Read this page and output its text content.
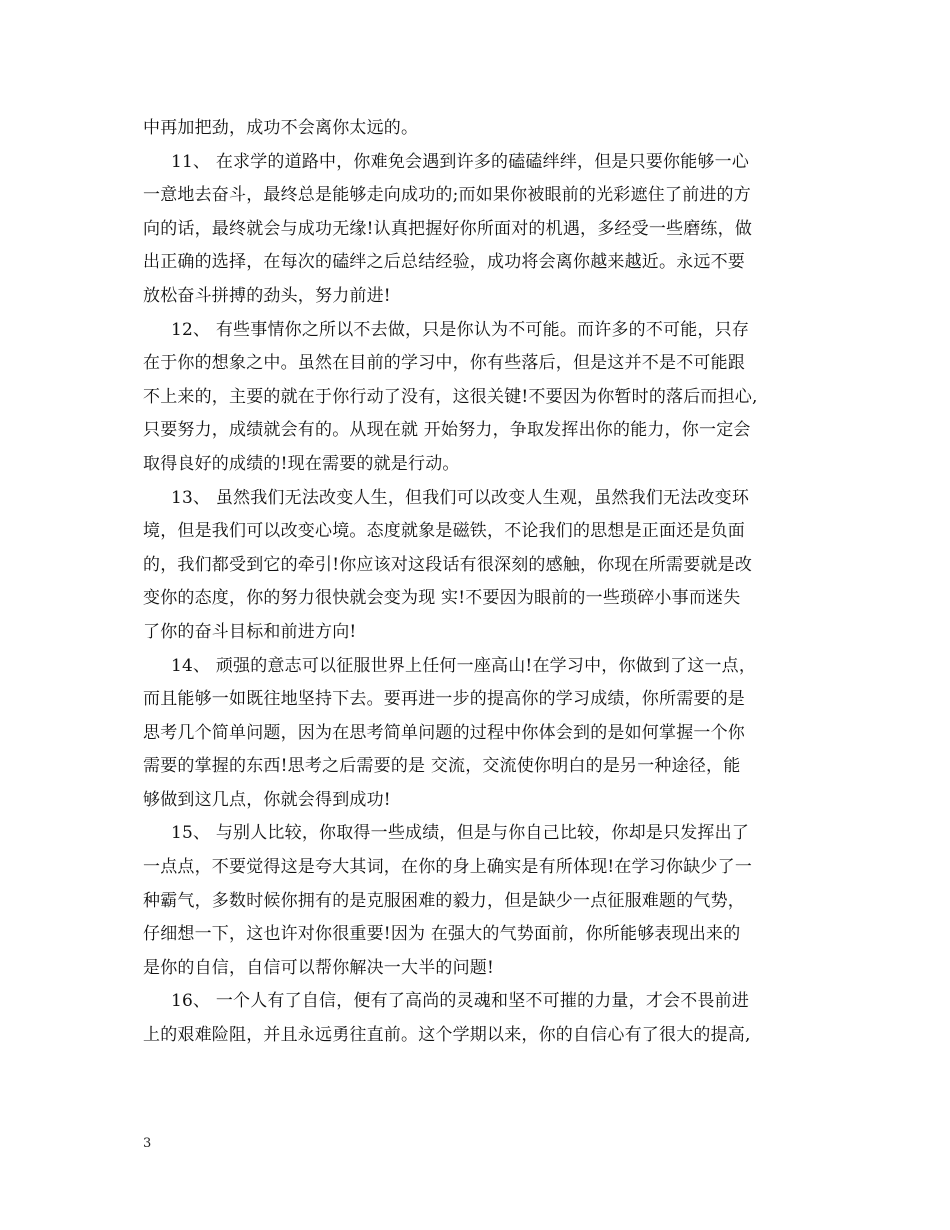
中再加把劲，成功不会离你太远的。
11、 在求学的道路中，你难免会遇到许多的磕磕绊绊，但是只要你能够一心
一意地去奋斗，最终总是能够走向成功的;而如果你被眼前的光彩遮住了前进的方
向的话，最终就会与成功无缘!认真把握好你所面对的机遇，多经受一些磨练，做
出正确的选择，在每次的磕绊之后总结经验，成功将会离你越来越近。永远不要
放松奋斗拼搏的劲头，努力前进!
12、 有些事情你之所以不去做，只是你认为不可能。而许多的不可能，只存
在于你的想象之中。虽然在目前的学习中，你有些落后，但是这并不是不可能跟
不上来的，主要的就在于你行动了没有，这很关键!不要因为你暂时的落后而担心,
只要努力，成绩就会有的。从现在就 开始努力，争取发挥出你的能力，你一定会
取得良好的成绩的!现在需要的就是行动。
13、 虽然我们无法改变人生，但我们可以改变人生观，虽然我们无法改变环
境，但是我们可以改变心境。态度就象是磁铁，不论我们的思想是正面还是负面
的，我们都受到它的牵引!你应该对这段话有很深刻的感触，你现在所需要就是改
变你的态度，你的努力很快就会变为现 实!不要因为眼前的一些琐碎小事而迷失
了你的奋斗目标和前进方向!
14、 顽强的意志可以征服世界上任何一座高山!在学习中，你做到了这一点，
而且能够一如既往地坚持下去。要再进一步的提高你的学习成绩，你所需要的是
思考几个简单问题，因为在思考简单问题的过程中你体会到的是如何掌握一个你
需要的掌握的东西!思考之后需要的是 交流，交流使你明白的是另一种途径，能
够做到这几点，你就会得到成功!
15、 与别人比较，你取得一些成绩，但是与你自己比较，你却是只发挥出了
一点点，不要觉得这是夸大其词，在你的身上确实是有所体现!在学习你缺少了一
种霸气，多数时候你拥有的是克服困难的毅力，但是缺少一点征服难题的气势，
仔细想一下，这也许对你很重要!因为 在强大的气势面前，你所能够表现出来的
是你的自信，自信可以帮你解决一大半的问题!
16、 一个人有了自信，便有了高尚的灵魂和坚不可摧的力量，才会不畏前进
上的艰难险阻，并且永远勇往直前。这个学期以来，你的自信心有了很大的提高,
3
